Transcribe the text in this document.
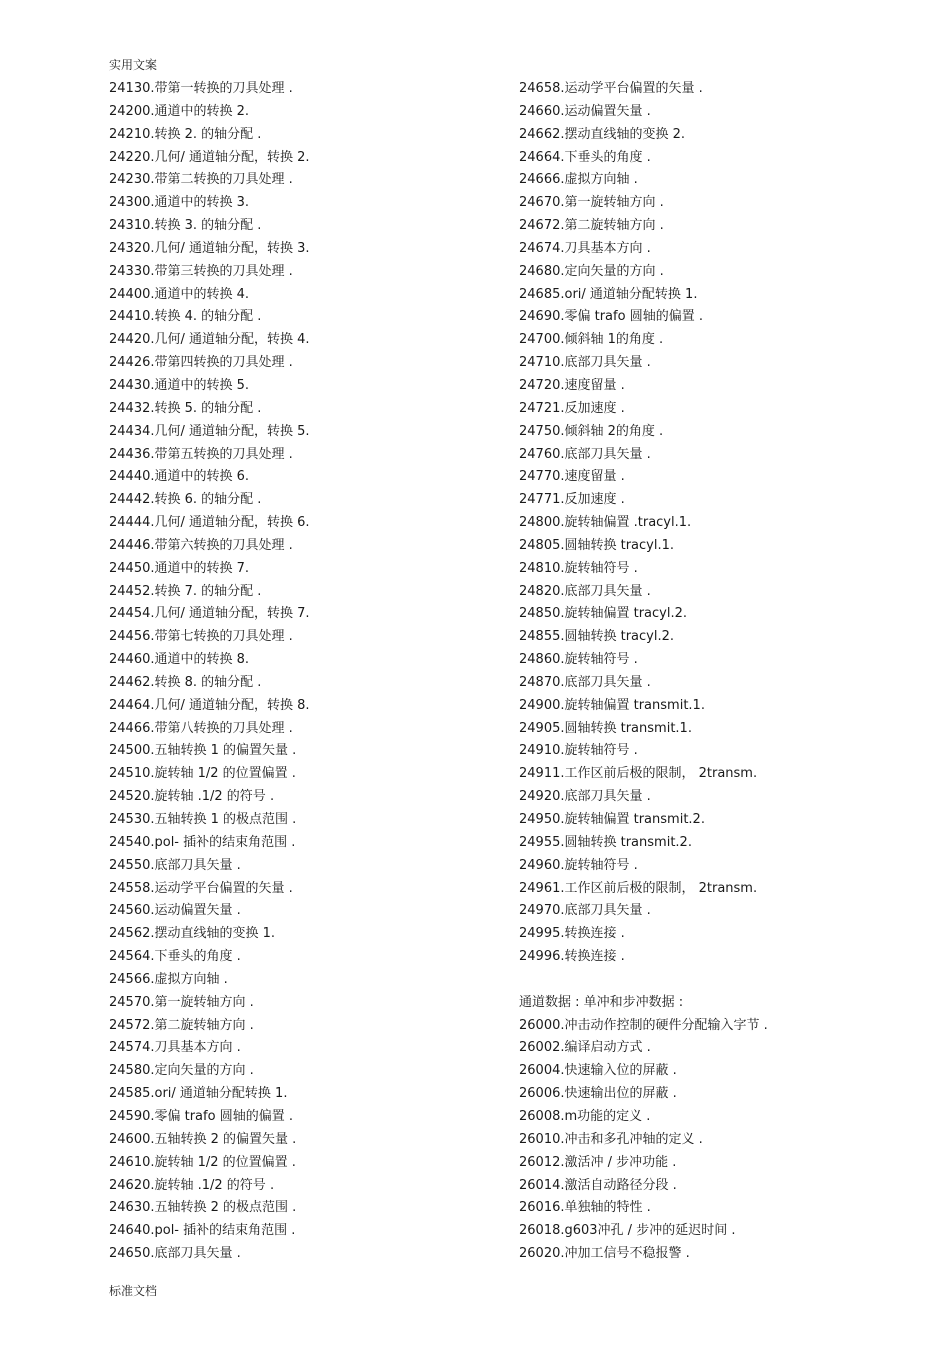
实用文案
24130.带第一转换的刀具处理 .
24200.通道中的转换 2.
24210.转换 2. 的轴分配 .
24220.几何/ 通道轴分配，转换 2.
24230.带第二转换的刀具处理 .
24300.通道中的转换 3.
24310.转换 3. 的轴分配 .
24320.几何/ 通道轴分配，转换 3.
24330.带第三转换的刀具处理 .
24400.通道中的转换 4.
24410.转换 4. 的轴分配 .
24420.几何/ 通道轴分配，转换 4.
24426.带第四转换的刀具处理 .
24430.通道中的转换 5.
24432.转换 5. 的轴分配 .
24434.几何/ 通道轴分配，转换 5.
24436.带第五转换的刀具处理 .
24440.通道中的转换 6.
24442.转换 6. 的轴分配 .
24444.几何/ 通道轴分配，转换 6.
24446.带第六转换的刀具处理 .
24450.通道中的转换 7.
24452.转换 7. 的轴分配 .
24454.几何/ 通道轴分配，转换 7.
24456.带第七转换的刀具处理 .
24460.通道中的转换 8.
24462.转换 8. 的轴分配 .
24464.几何/ 通道轴分配，转换 8.
24466.带第八转换的刀具处理 .
24500.五轴转换 1 的偏置矢量 .
24510.旋转轴 1/2 的位置偏置 .
24520.旋转轴 .1/2 的符号 .
24530.五轴转换 1 的极点范围 .
24540.pol- 插补的结束角范围 .
24550.底部刀具矢量 .
24558.运动学平台偏置的矢量 .
24560.运动偏置矢量 .
24562.摆动直线轴的变换 1.
24564.下垂头的角度 .
24566.虚拟方向轴 .
24570.第一旋转轴方向 .
24572.第二旋转轴方向 .
24574.刀具基本方向 .
24580.定向矢量的方向 .
24585.ori/ 通道轴分配转换 1.
24590.零偏 trafo 圆轴的偏置 .
24600.五轴转换 2 的偏置矢量 .
24610.旋转轴 1/2 的位置偏置 .
24620.旋转轴 .1/2 的符号 .
24630.五轴转换 2 的极点范围 .
24640.pol- 插补的结束角范围 .
24650.底部刀具矢量 .
24658.运动学平台偏置的矢量 .
24660.运动偏置矢量 .
24662.摆动直线轴的变换 2.
24664.下垂头的角度 .
24666.虚拟方向轴 .
24670.第一旋转轴方向 .
24672.第二旋转轴方向 .
24674.刀具基本方向 .
24680.定向矢量的方向 .
24685.ori/ 通道轴分配转换 1.
24690.零偏 trafo 圆轴的偏置 .
24700.倾斜轴 1的角度 .
24710.底部刀具矢量 .
24720.速度留量 .
24721.反加速度 .
24750.倾斜轴 2的角度 .
24760.底部刀具矢量 .
24770.速度留量 .
24771.反加速度 .
24800.旋转轴偏置 .tracyl.1.
24805.圆轴转换 tracyl.1.
24810.旋转轴符号 .
24820.底部刀具矢量 .
24850.旋转轴偏置 tracyl.2.
24855.圆轴转换 tracyl.2.
24860.旋转轴符号 .
24870.底部刀具矢量 .
24900.旋转轴偏置 transmit.1.
24905.圆轴转换 transmit.1.
24910.旋转轴符号 .
24911.工作区前后极的限制， 2transm.
24920.底部刀具矢量 .
24950.旋转轴偏置 transmit.2.
24955.圆轴转换 transmit.2.
24960.旋转轴符号 .
24961.工作区前后极的限制， 2transm.
24970.底部刀具矢量 .
24995.转换连接 .
24996.转换连接 .
通道数据 : 单冲和步冲数据 :
26000.冲击动作控制的硬件分配输入字节 .
26002.编译启动方式 .
26004.快速输入位的屏蔽 .
26006.快速输出位的屏蔽 .
26008.m功能的定义 .
26010.冲击和多孔冲轴的定义 .
26012.激活冲 / 步冲功能 .
26014.激活自动路径分段 .
26016.单独轴的特性 .
26018.g603冲孔 / 步冲的延迟时间 .
26020.冲加工信号不稳报警 .
标准文档
